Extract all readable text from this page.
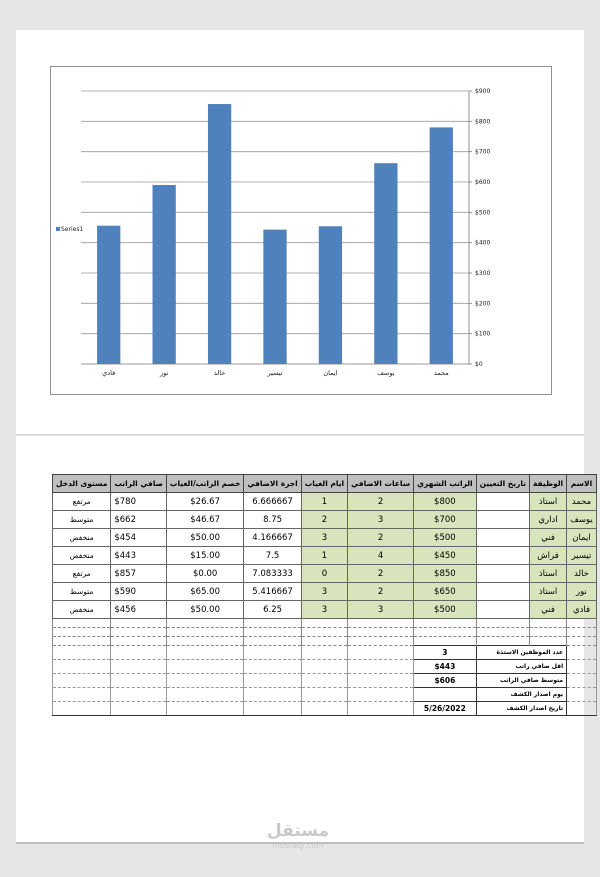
$0
$100
$200
$300
$400
$500
$600
$700
$800
$900
فادي	نور	خالد	تيسير	ايمان	يوسف	محمد
Series1
مستوى الدخل	صافي الراتب	خصم الراتب/الغياب	اجرة الاضافي	ايام الغياب	ساعات الاضافي	الراتب الشهري	تاريخ التعيين	الوظيفة	الاسم
مرتفع	$780	$26.67	6.666667	1	2	$800		استاذ	محمد
متوسط	$662	$46.67	8.75	2	3	$700		اداري	يوسف
منخفض	$454	$50.00	4.166667	3	2	$500		فني	ايمان
منخفض	$443	$15.00	7.5	1	4	$450		فراش	تيسير
مرتفع	$857	$0.00	7.083333	0	2	$850		استاذ	خالد
متوسط	$590	$65.00	5.416667	3	2	$650		استاذ	نور
منخفض	$456	$50.00	6.25	3	3	$500		فني	فادي

						3	عدد الموظفين الاستذة		
						$443	اقل صافي راتب		
						$606	متوسط صافي الراتب		
							يوم اصدار الكشف		
						5/26/2022	تاريخ اصدار الكشف		
مستقل
mostaql.com
